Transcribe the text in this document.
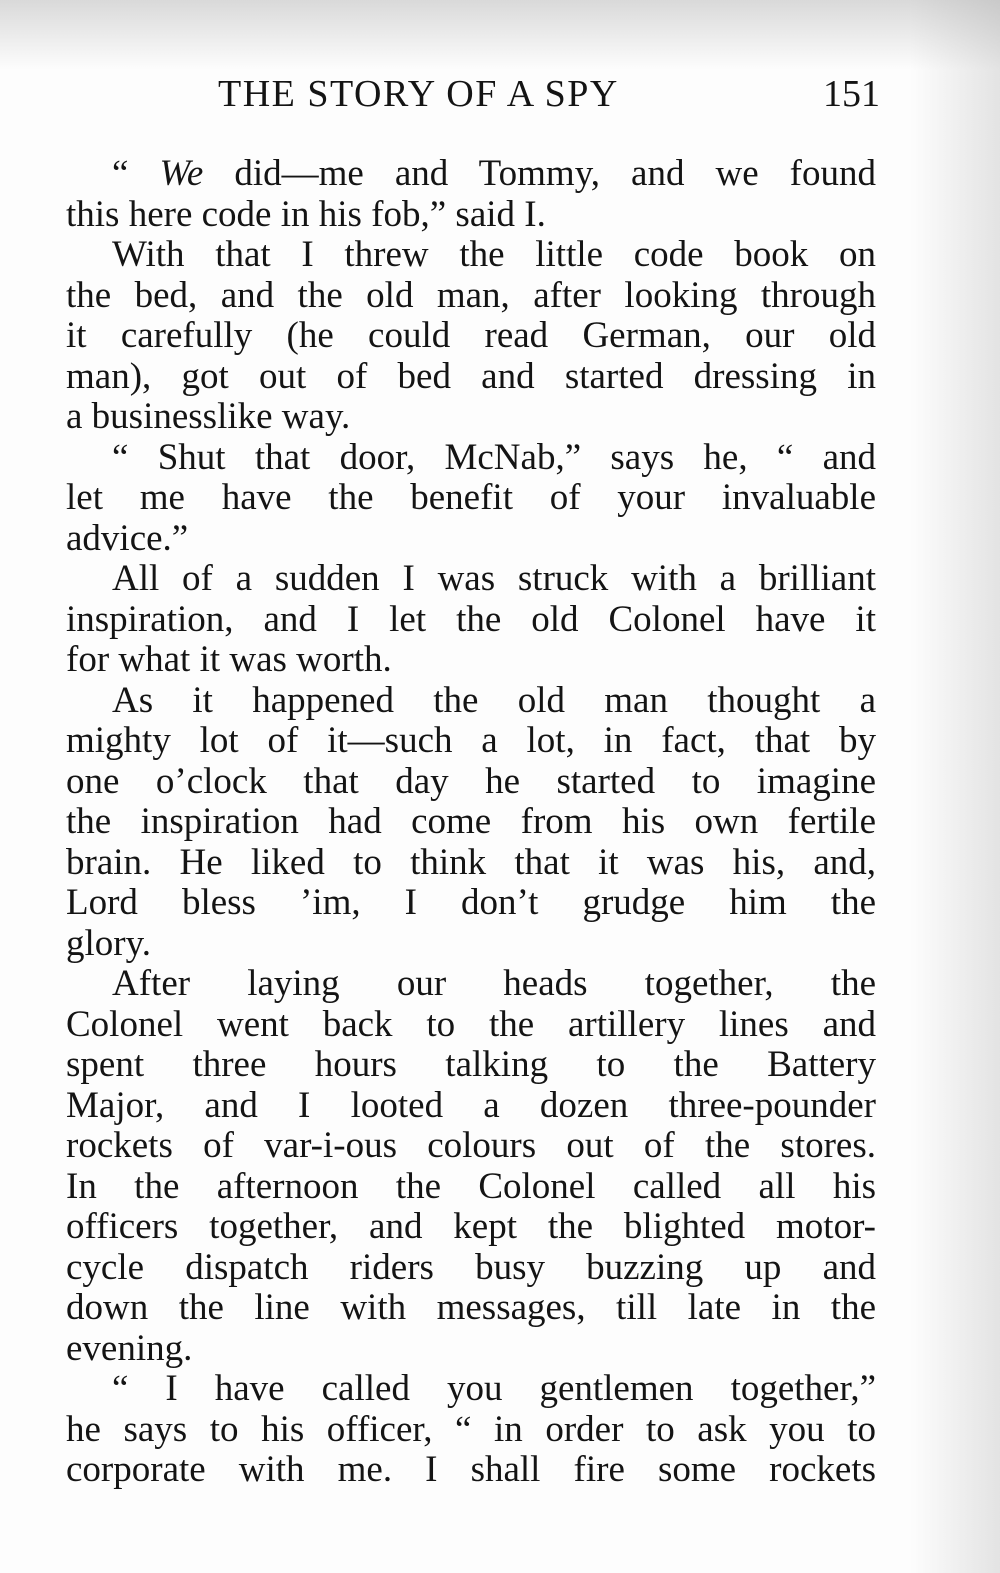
THE STORY OF A SPY	151
“ We did—me and Tommy, and we found
this here code in his fob,” said I.
With that I threw the little code book on
the bed, and the old man, after looking through
it carefully (he could read German, our old
man), got out of bed and started dressing in
a businesslike way.
“ Shut that door, McNab,” says he, “ and
let me have the benefit of your invaluable
advice.”
All of a sudden I was struck with a brilliant
inspiration, and I let the old Colonel have it
for what it was worth.
As it happened the old man thought a
mighty lot of it—such a lot, in fact, that by
one o’clock that day he started to imagine
the inspiration had come from his own fertile
brain. He liked to think that it was his, and,
Lord bless ’im, I don’t grudge him the
glory.
After laying our heads together, the
Colonel went back to the artillery lines and
spent three hours talking to the Battery
Major, and I looted a dozen three-pounder
rockets of var-i-ous colours out of the stores.
In the afternoon the Colonel called all his
officers together, and kept the blighted motor-
cycle dispatch riders busy buzzing up and
down the line with messages, till late in the
evening.
“ I have called you gentlemen together,”
he says to his officer, “ in order to ask you to
corporate with me. I shall fire some rockets
